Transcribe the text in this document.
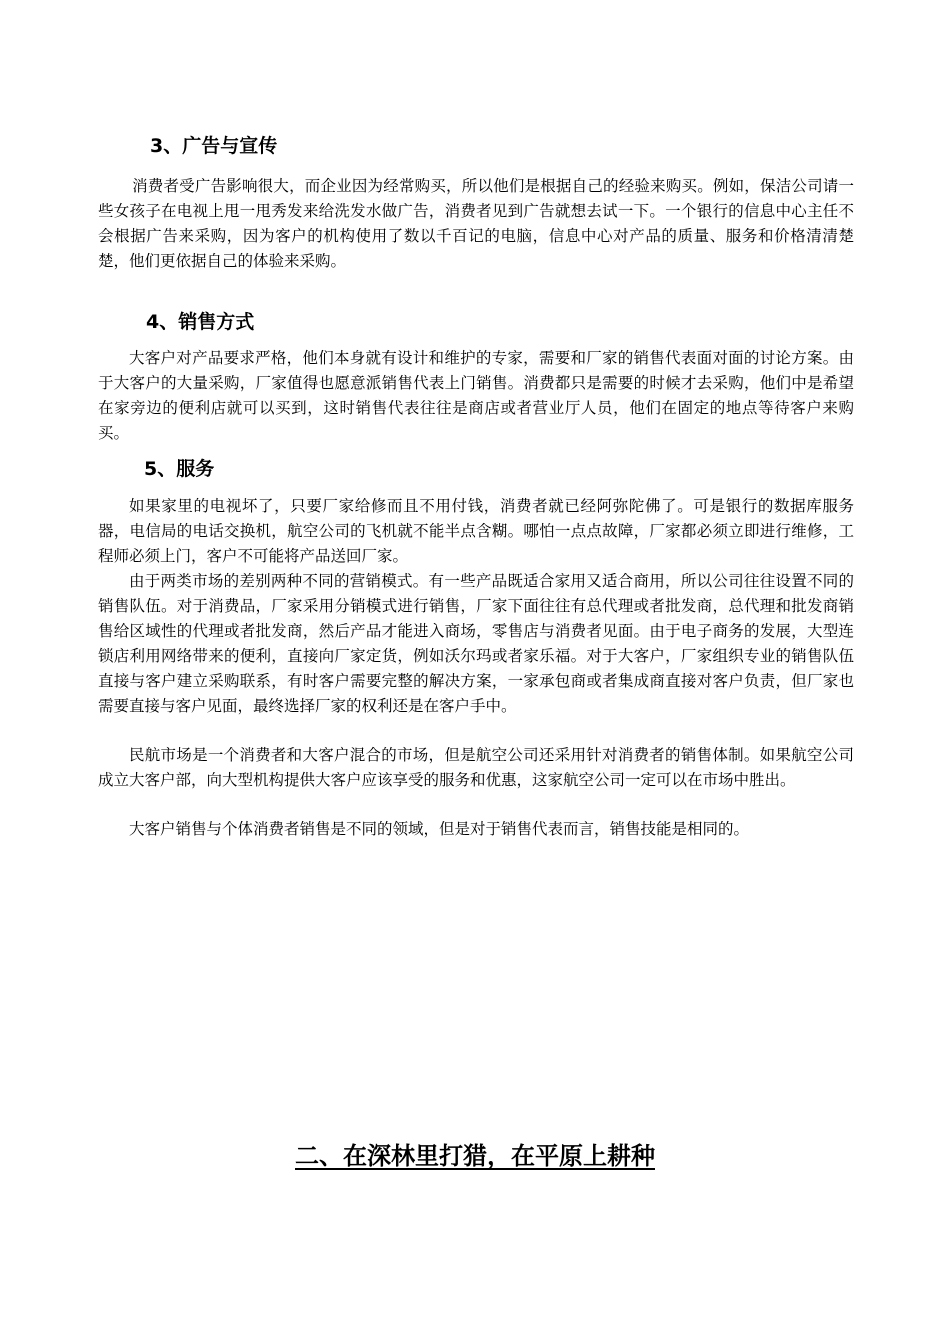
3、广告与宣传

消费者受广告影响很大，而企业因为经常购买，所以他们是根据自己的经验来购买。例如，保洁公司请一些女孩子在电视上甩一甩秀发来给洗发水做广告，消费者见到广告就想去试一下。一个银行的信息中心主任不会根据广告来采购，因为客户的机构使用了数以千百记的电脑，信息中心对产品的质量、服务和价格清清楚楚，他们更依据自己的体验来采购。

4、销售方式

大客户对产品要求严格，他们本身就有设计和维护的专家，需要和厂家的销售代表面对面的讨论方案。由于大客户的大量采购，厂家值得也愿意派销售代表上门销售。消费都只是需要的时候才去采购，他们中是希望在家旁边的便利店就可以买到，这时销售代表往往是商店或者营业厅人员，他们在固定的地点等待客户来购买。

5、服务

如果家里的电视坏了，只要厂家给修而且不用付钱，消费者就已经阿弥陀佛了。可是银行的数据库服务器，电信局的电话交换机，航空公司的飞机就不能半点含糊。哪怕一点点故障，厂家都必须立即进行维修，工程师必须上门，客户不可能将产品送回厂家。

由于两类市场的差别两种不同的营销模式。有一些产品既适合家用又适合商用，所以公司往往设置不同的销售队伍。对于消费品，厂家采用分销模式进行销售，厂家下面往往有总代理或者批发商，总代理和批发商销售给区域性的代理或者批发商，然后产品才能进入商场，零售店与消费者见面。由于电子商务的发展，大型连锁店利用网络带来的便利，直接向厂家定货，例如沃尔玛或者家乐福。对于大客户，厂家组织专业的销售队伍直接与客户建立采购联系，有时客户需要完整的解决方案，一家承包商或者集成商直接对客户负责，但厂家也需要直接与客户见面，最终选择厂家的权利还是在客户手中。

民航市场是一个消费者和大客户混合的市场，但是航空公司还采用针对消费者的销售体制。如果航空公司成立大客户部，向大型机构提供大客户应该享受的服务和优惠，这家航空公司一定可以在市场中胜出。

大客户销售与个体消费者销售是不同的领域，但是对于销售代表而言，销售技能是相同的。

二、在深林里打猎，在平原上耕种
